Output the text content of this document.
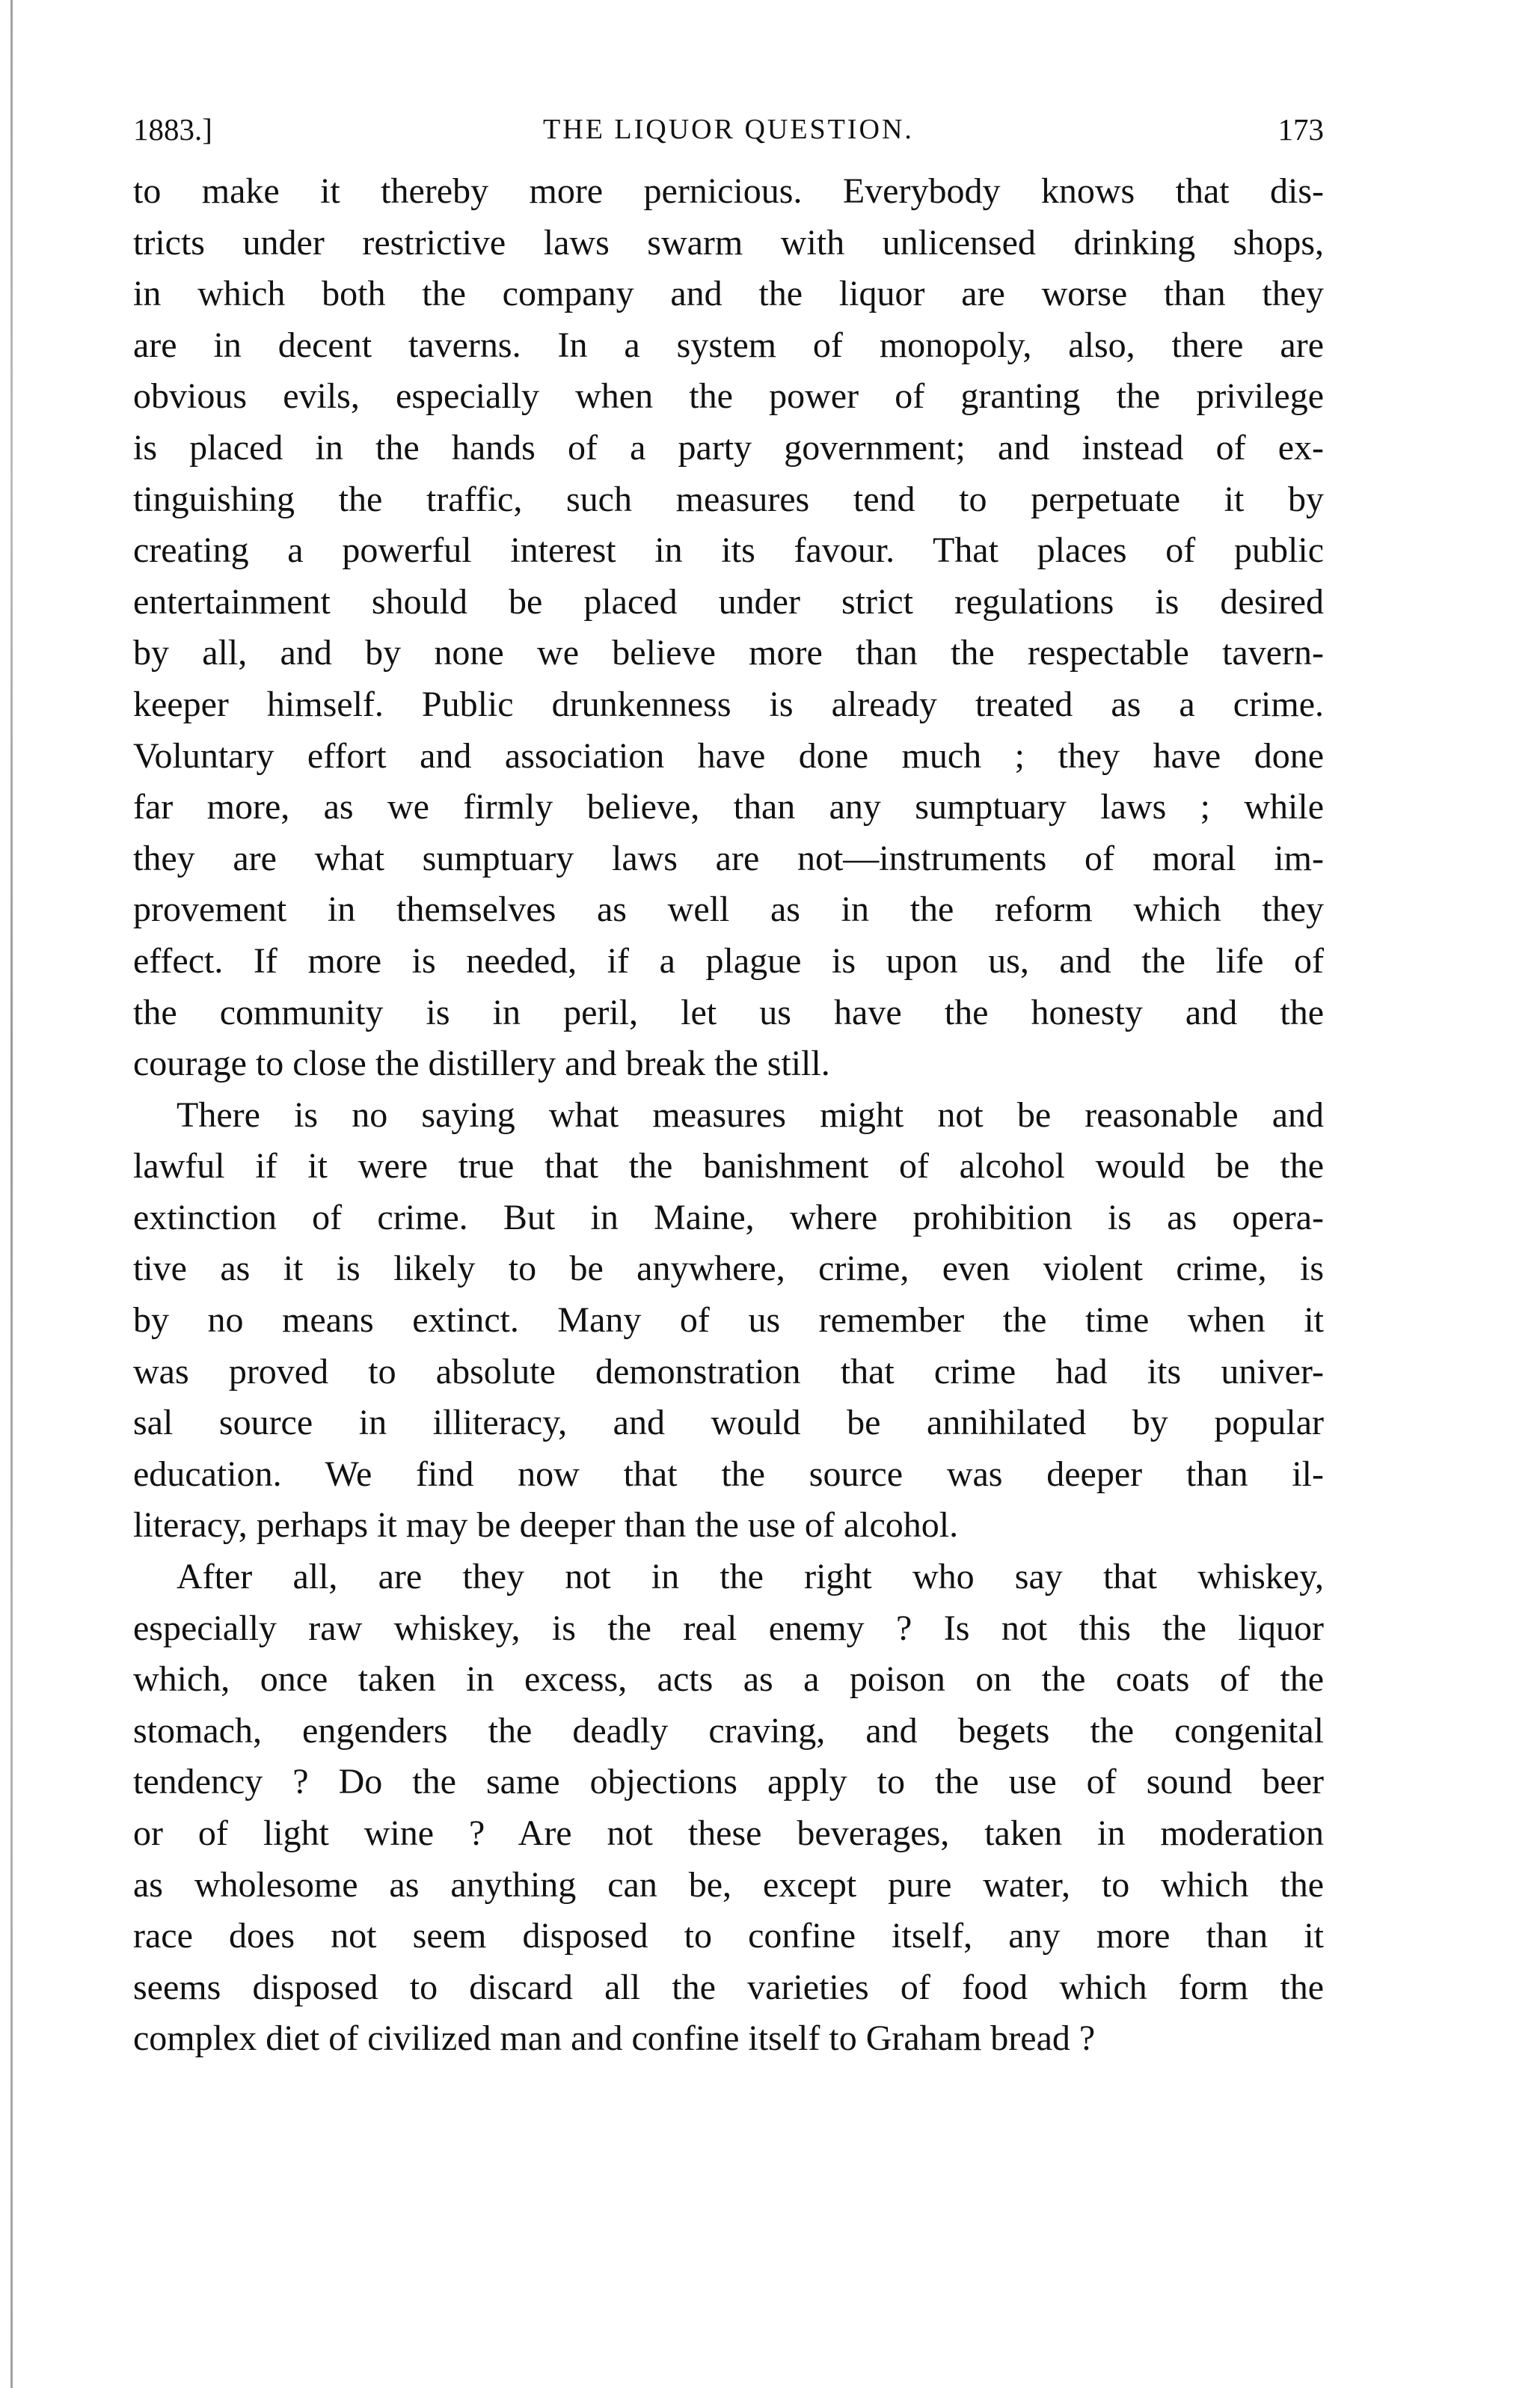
1883.]	THE LIQUOR QUESTION.	173
to make it thereby more pernicious. Everybody knows that dis-
tricts under restrictive laws swarm with unlicensed drinking shops,
in which both the company and the liquor are worse than they
are in decent taverns. In a system of monopoly, also, there are
obvious evils, especially when the power of granting the privilege
is placed in the hands of a party government; and instead of ex-
tinguishing the traffic, such measures tend to perpetuate it by
creating a powerful interest in its favour. That places of public
entertainment should be placed under strict regulations is desired
by all, and by none we believe more than the respectable tavern-
keeper himself. Public drunkenness is already treated as a crime.
Voluntary effort and association have done much ; they have done
far more, as we firmly believe, than any sumptuary laws ; while
they are what sumptuary laws are not—instruments of moral im-
provement in themselves as well as in the reform which they
effect. If more is needed, if a plague is upon us, and the life of
the community is in peril, let us have the honesty and the
courage to close the distillery and break the still.
There is no saying what measures might not be reasonable and
lawful if it were true that the banishment of alcohol would be the
extinction of crime. But in Maine, where prohibition is as opera-
tive as it is likely to be anywhere, crime, even violent crime, is
by no means extinct. Many of us remember the time when it
was proved to absolute demonstration that crime had its univer-
sal source in illiteracy, and would be annihilated by popular
education. We find now that the source was deeper than il-
literacy, perhaps it may be deeper than the use of alcohol.
After all, are they not in the right who say that whiskey,
especially raw whiskey, is the real enemy ? Is not this the liquor
which, once taken in excess, acts as a poison on the coats of the
stomach, engenders the deadly craving, and begets the congenital
tendency ? Do the same objections apply to the use of sound beer
or of light wine ? Are not these beverages, taken in moderation
as wholesome as anything can be, except pure water, to which the
race does not seem disposed to confine itself, any more than it
seems disposed to discard all the varieties of food which form the
complex diet of civilized man and confine itself to Graham bread ?
